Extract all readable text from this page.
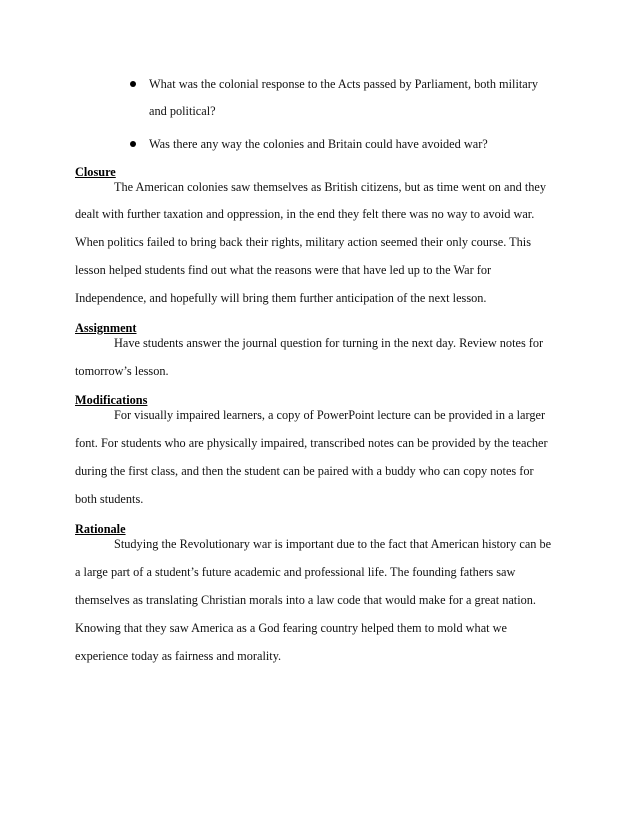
What was the colonial response to the Acts passed by Parliament, both military
and political?
Was there any way the colonies and Britain could have avoided war?
Closure
The American colonies saw themselves as British citizens, but as time went on and they
dealt with further taxation and oppression, in the end they felt there was no way to avoid war.
When politics failed to bring back their rights, military action seemed their only course. This
lesson helped students find out what the reasons were that have led up to the War for
Independence, and hopefully will bring them further anticipation of the next lesson.
Assignment
Have students answer the journal question for turning in the next day. Review notes for
tomorrow’s lesson.
Modifications
For visually impaired learners, a copy of PowerPoint lecture can be provided in a larger
font. For students who are physically impaired, transcribed notes can be provided by the teacher
during the first class, and then the student can be paired with a buddy who can copy notes for
both students.
Rationale
Studying the Revolutionary war is important due to the fact that American history can be
a large part of a student’s future academic and professional life. The founding fathers saw
themselves as translating Christian morals into a law code that would make for a great nation.
Knowing that they saw America as a God fearing country helped them to mold what we
experience today as fairness and morality.
